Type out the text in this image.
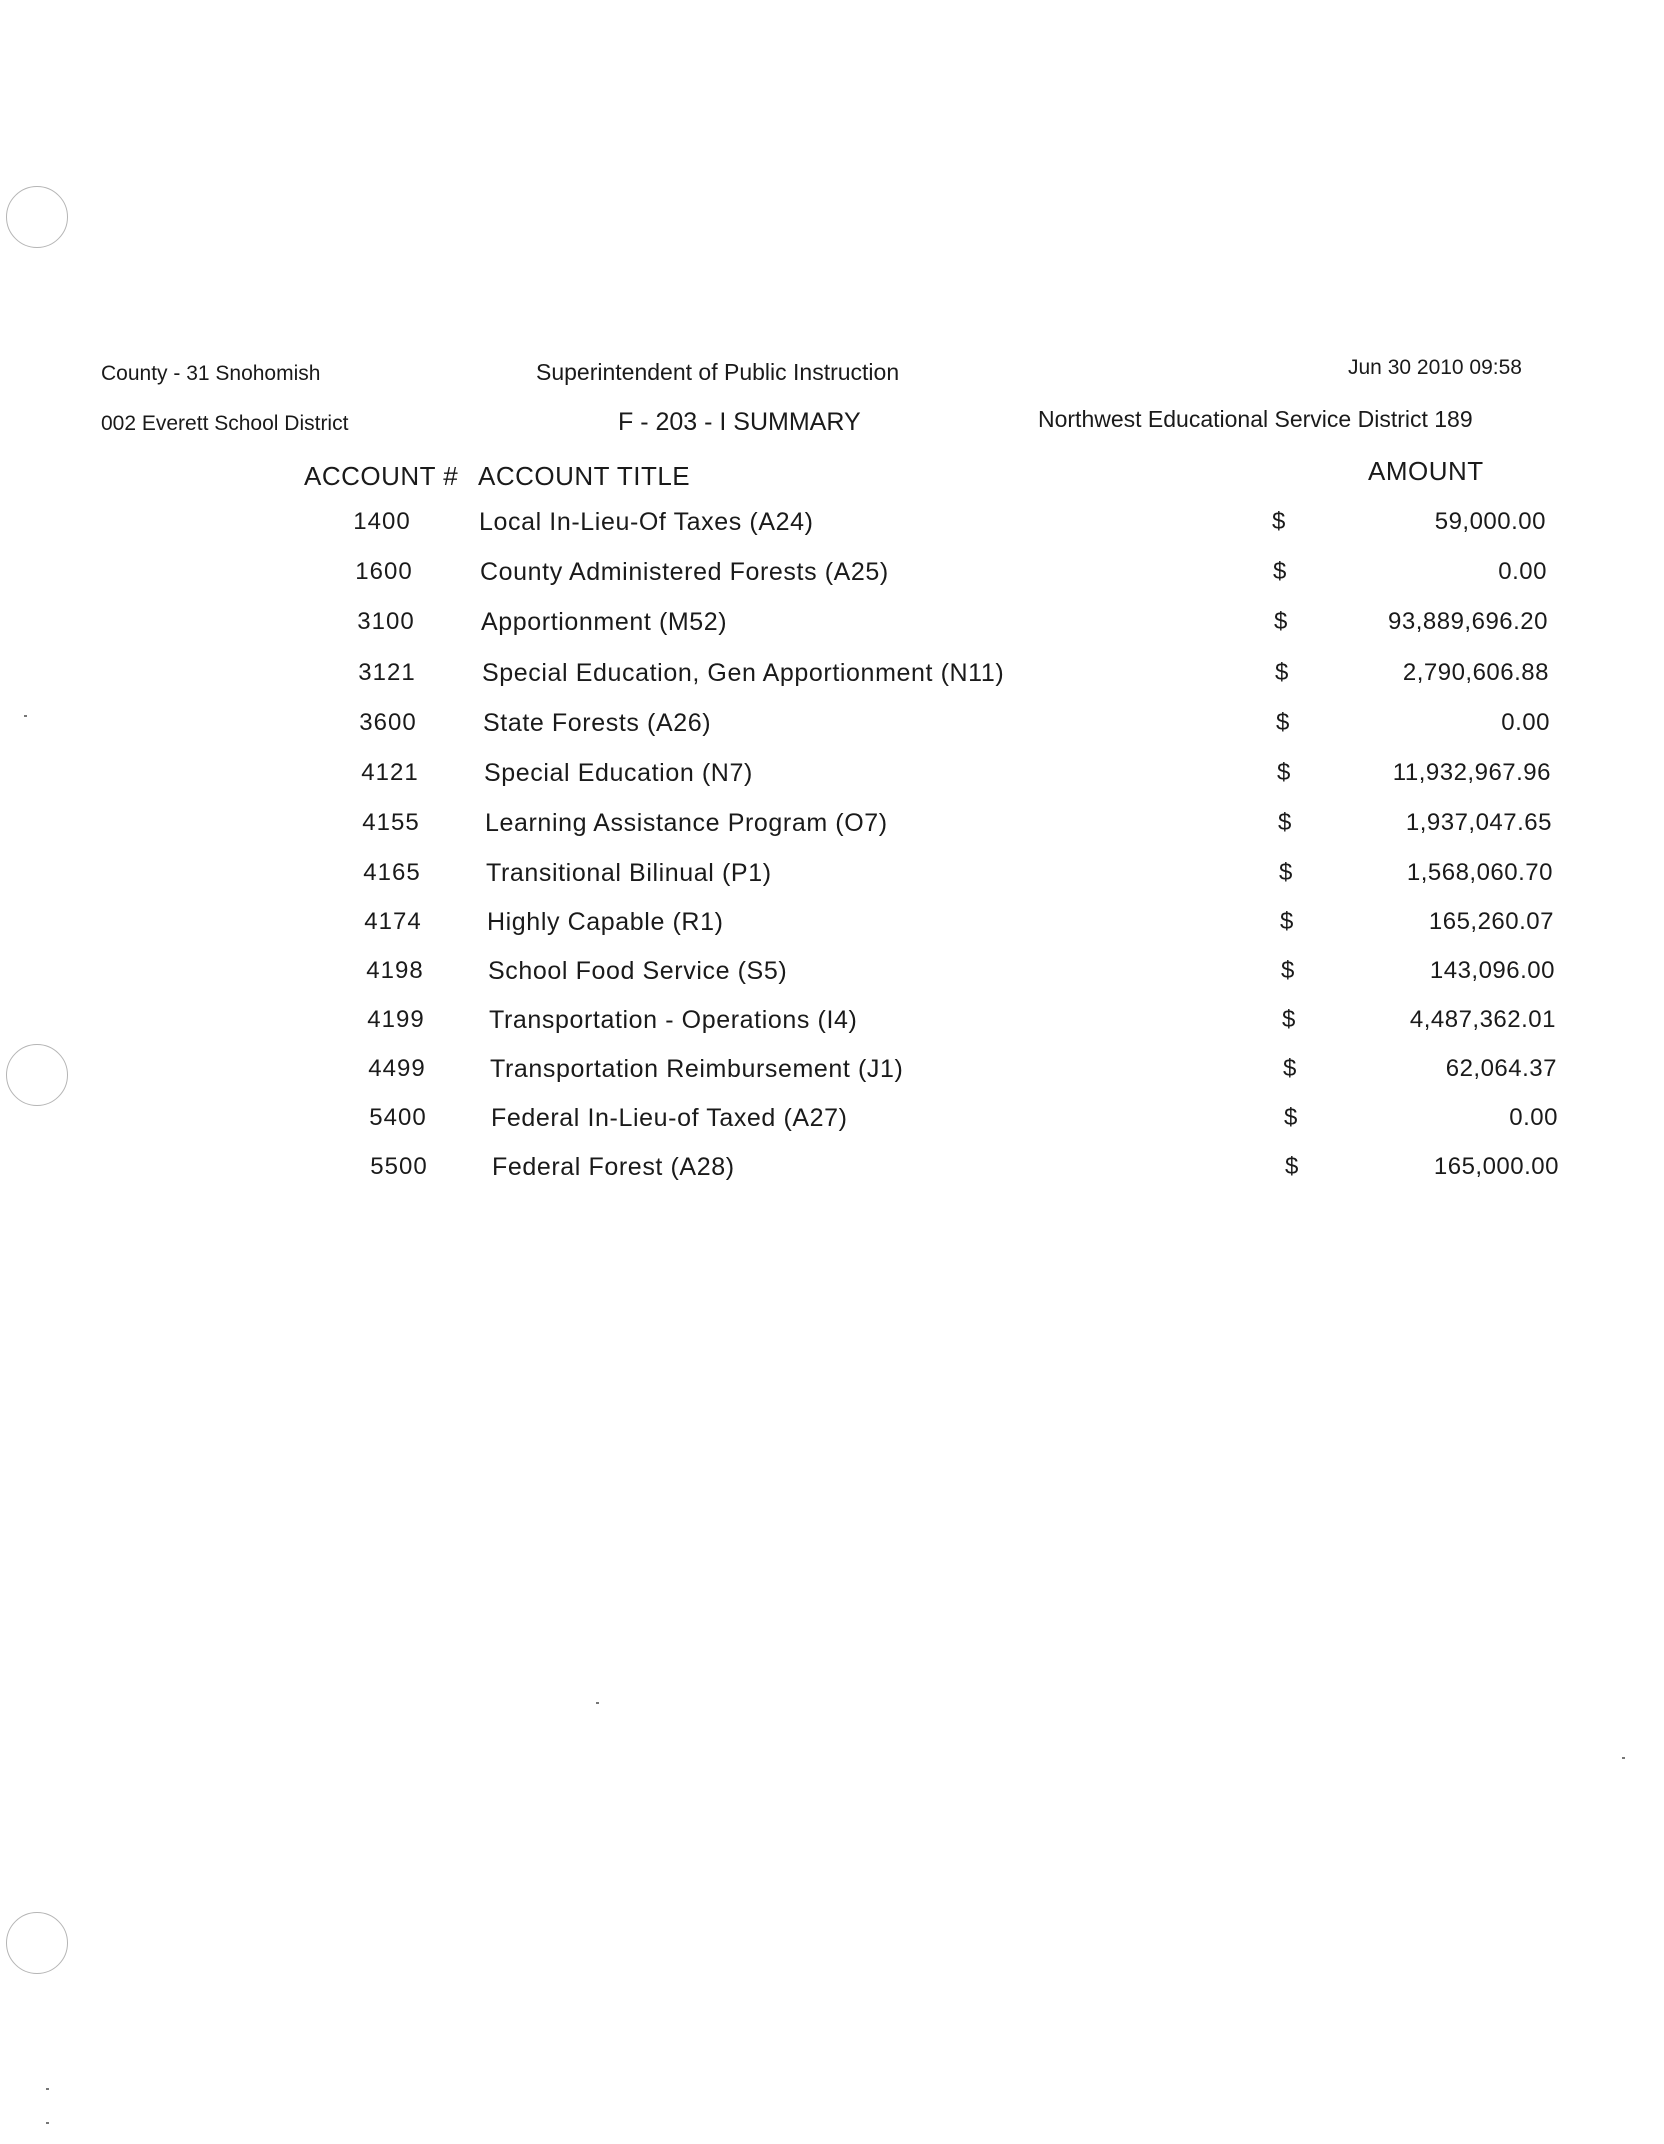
County - 31 Snohomish
002 Everett School District
Superintendent of Public Instruction
F - 203 - I SUMMARY
Jun 30 2010 09:58
Northwest Educational Service District 189
ACCOUNT # ACCOUNT TITLE	AMOUNT
1400	Local In-Lieu-Of Taxes (A24)	$	59,000.00
1600	County Administered Forests (A25)	$	0.00
3100	Apportionment (M52)	$	93,889,696.20
3121	Special Education, Gen Apportionment (N11)	$	2,790,606.88
3600	State Forests (A26)	$	0.00
4121	Special Education (N7)	$	11,932,967.96
4155	Learning Assistance Program (O7)	$	1,937,047.65
4165	Transitional Bilinual (P1)	$	1,568,060.70
4174	Highly Capable (R1)	$	165,260.07
4198	School Food Service (S5)	$	143,096.00
4199	Transportation - Operations (I4)	$	4,487,362.01
4499	Transportation Reimbursement (J1)	$	62,064.37
5400	Federal In-Lieu-of Taxed (A27)	$	0.00
5500	Federal Forest (A28)	$	165,000.00
